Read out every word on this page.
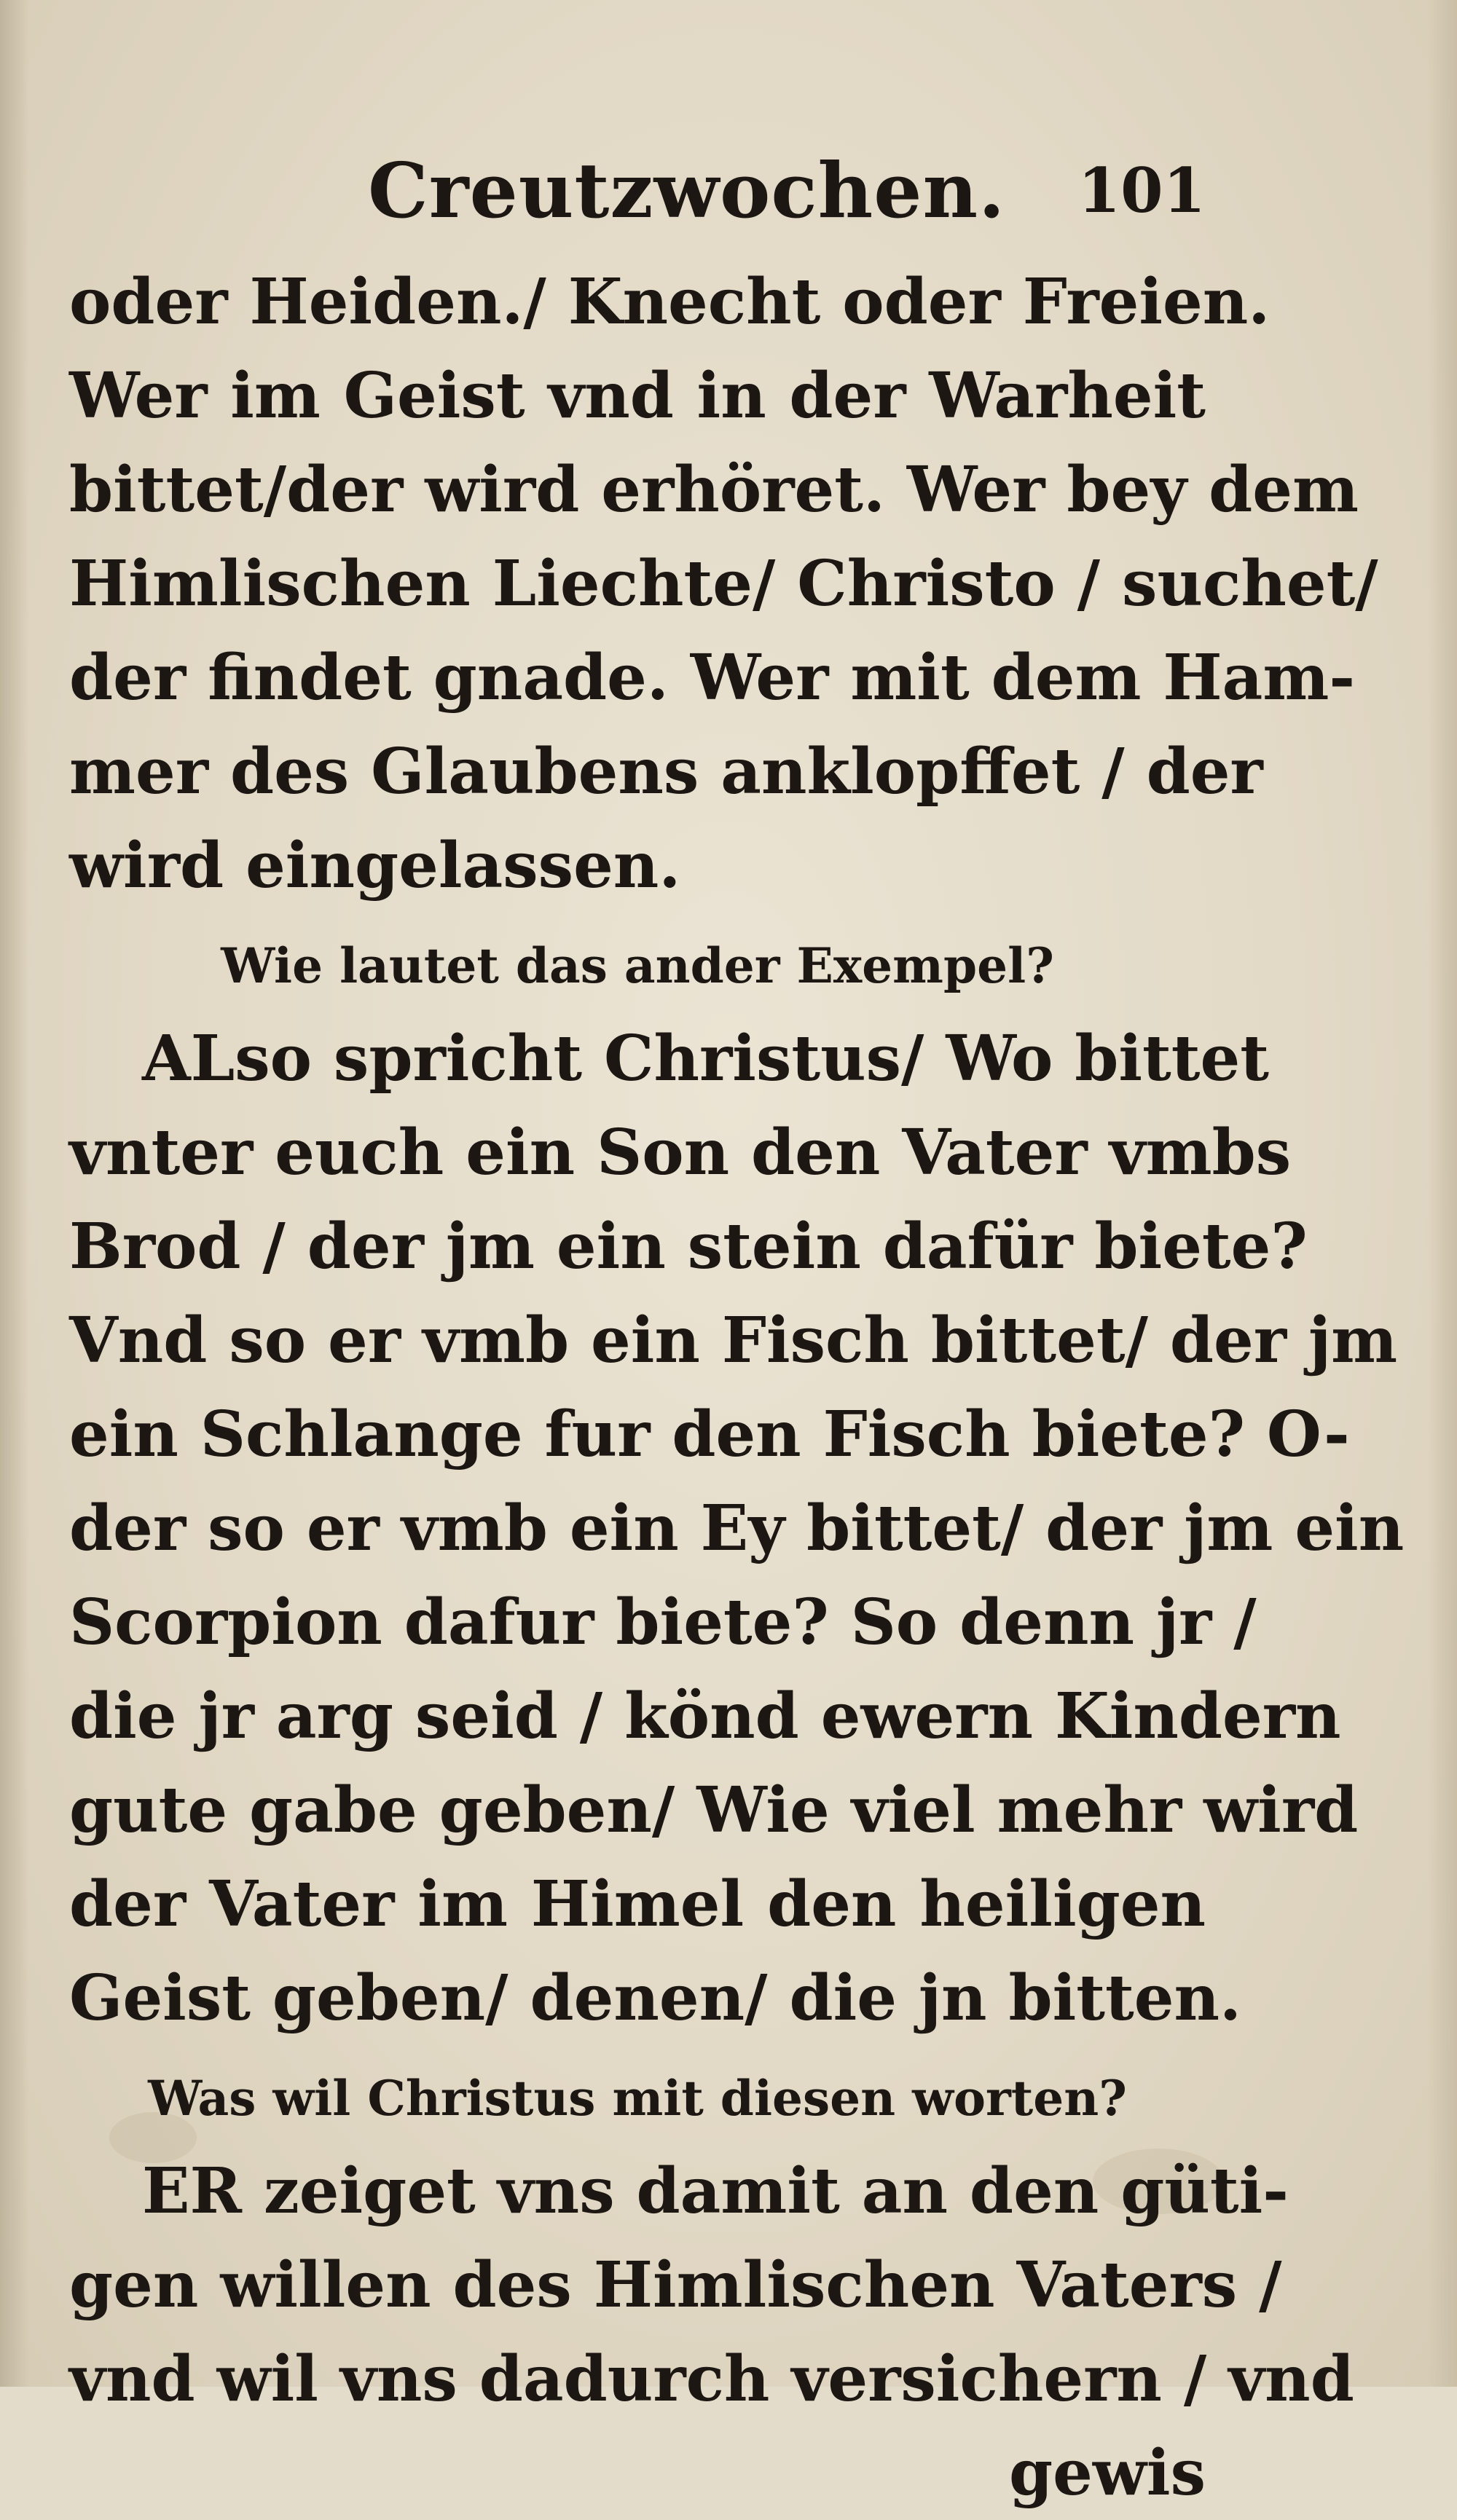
Creutzwochen. 101
oder Heiden./ Knecht oder Freien.
Wer im Geist vnd in der Warheit
bittet/der wird erhöret. Wer bey dem
Himlischen Liechte/ Christo / suchet/
der findet gnade. Wer mit dem Ham-
mer des Glaubens anklopffet / der
wird eingelassen.
Wie lautet das ander Exempel?
ALso spricht Christus/ Wo bittet
vnter euch ein Son den Vater vmbs
Brod / der jm ein stein dafür biete?
Vnd so er vmb ein Fisch bittet/ der jm
ein Schlange fur den Fisch biete? O-
der so er vmb ein Ey bittet/ der jm ein
Scorpion dafur biete? So denn jr /
die jr arg seid / könd ewern Kindern
gute gabe geben/ Wie viel mehr wird
der Vater im Himel den heiligen
Geist geben/ denen/ die jn bitten.
Was wil Christus mit diesen worten?
ER zeiget vns damit an den güti-
gen willen des Himlischen Vaters /
vnd wil vns dadurch versichern / vnd
gewis
